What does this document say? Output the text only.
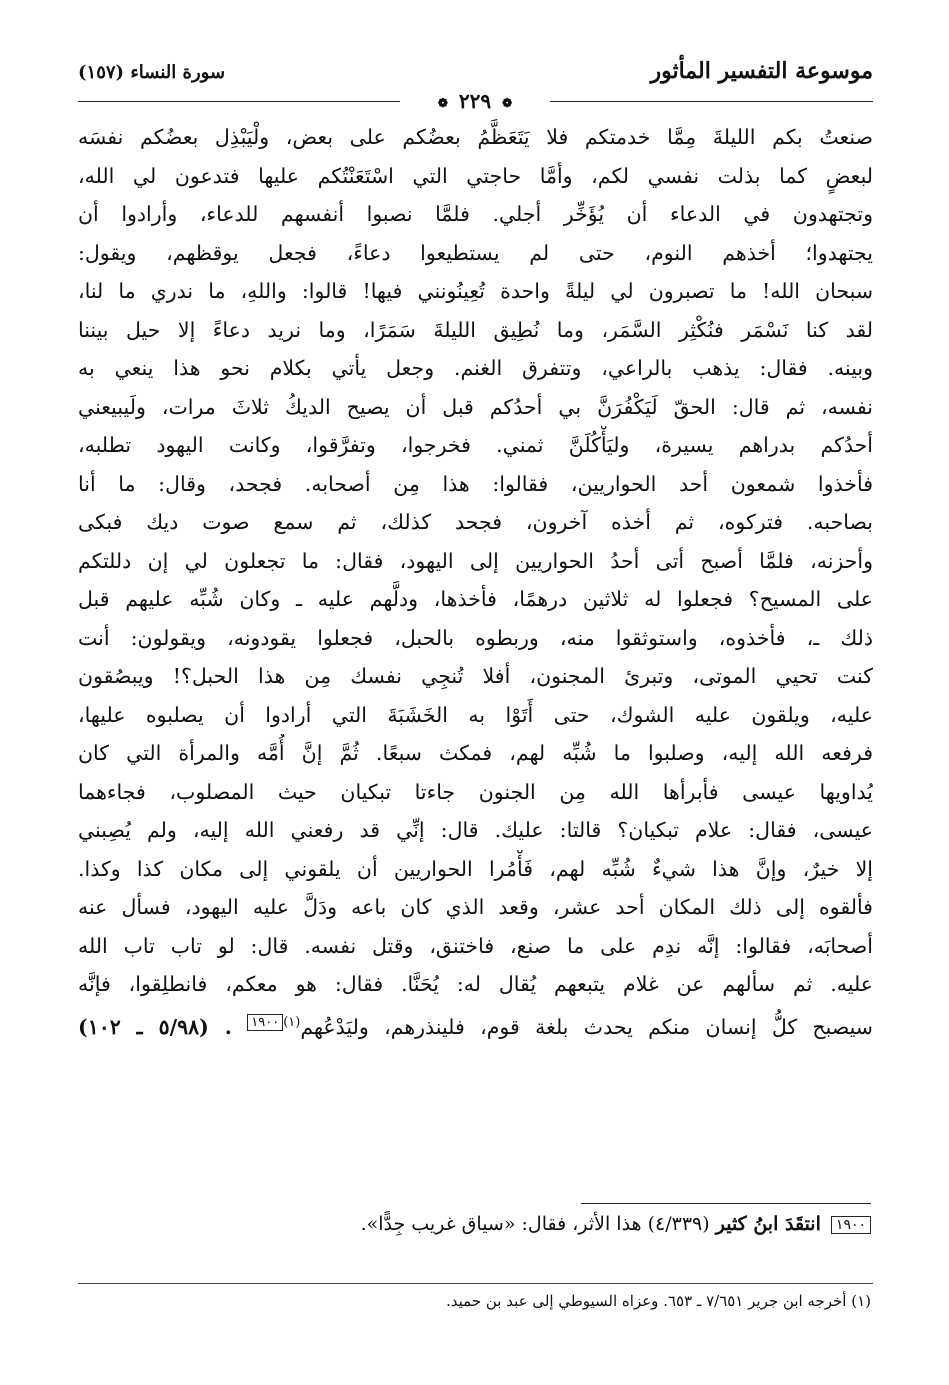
موسوعة التفسير المأثور
سورة النساء (١٥٧)
❁ ٢٢٩ ❁
صنعتُ بكم الليلةَ مِمَّا خدمتكم فلا يَتَعَظَّمُ بعضُكم على بعض، ولْيَبْذِل بعضُكم نفسَه
لبعضٍ كما بذلت نفسي لكم، وأمَّا حاجتي التي اسْتَعَنْتُكم عليها فتدعون لي الله،
وتجتهدون في الدعاء أن يُؤَخِّر أجلي. فلمَّا نصبوا أنفسهم للدعاء، وأرادوا أن
يجتهدوا؛ أخذهم النوم، حتى لم يستطيعوا دعاءً، فجعل يوقظهم، ويقول:
سبحان الله! ما تصبرون لي ليلةً واحدة تُعِينُونني فيها! قالوا: واللهِ، ما ندري ما لنا،
لقد كنا نَسْمَر فنُكْثِر السَّمَر، وما نُطِيق الليلةَ سَمَرًا، وما نريد دعاءً إلا حيل بيننا
وبينه. فقال: يذهب بالراعي، وتتفرق الغنم. وجعل يأتي بكلام نحو هذا ينعي به
نفسه، ثم قال: الحقّ لَيَكْفُرَنَّ بي أحدُكم قبل أن يصيح الديكُ ثلاثَ مرات، ولَيبيعني
أحدُكم بدراهم يسيرة، وليَأْكُلَنَّ ثمني. فخرجوا، وتفرَّقوا، وكانت اليهود تطلبه،
فأخذوا شمعون أحد الحواريين، فقالوا: هذا مِن أصحابه. فجحد، وقال: ما أنا
بصاحبه. فتركوه، ثم أخذه آخرون، فجحد كذلك، ثم سمع صوت ديك فبكى
وأحزنه، فلمَّا أصبح أتى أحدُ الحواريين إلى اليهود، فقال: ما تجعلون لي إن دللتكم
على المسيح؟ فجعلوا له ثلاثين درهمًا، فأخذها، ودلَّهم عليه ـ وكان شُبِّه عليهم قبل
ذلك ـ، فأخذوه، واستوثقوا منه، وربطوه بالحبل، فجعلوا يقودونه، ويقولون: أنت
كنت تحيي الموتى، وتبرئ المجنون، أفلا تُنجِي نفسك مِن هذا الحبل؟! ويبصُقون
عليه، ويلقون عليه الشوك، حتى أَتَوْا به الخَشَبَةَ التي أرادوا أن يصلبوه عليها،
فرفعه الله إليه، وصلبوا ما شُبِّه لهم، فمكث سبعًا. ثُمَّ إنَّ أُمَّه والمرأة التي كان
يُداويها عيسى فأبرأها الله مِن الجنون جاءتا تبكيان حيث المصلوب، فجاءهما
عيسى، فقال: علام تبكيان؟ قالتا: عليك. قال: إنِّي قد رفعني الله إليه، ولم يُصِبني
إلا خيرٌ، وإنَّ هذا شيءٌ شُبِّه لهم، فَأْمُرا الحواريين أن يلقوني إلى مكان كذا وكذا.
فألقوه إلى ذلك المكان أحد عشر، وقعد الذي كان باعه ودَلَّ عليه اليهود، فسأل عنه
أصحابَه، فقالوا: إنَّه ندِم على ما صنع، فاختنق، وقتل نفسه. قال: لو تاب تاب الله
عليه. ثم سألهم عن غلام يتبعهم يُقال له: يُحَنَّا. فقال: هو معكم، فانطلِقوا، فإنَّه
سيصبح كلُّ إنسان منكم يحدث بلغة قوم، فلينذرهم، وليَدْعُهم$^{(١)١٩٠٠}$ . (٥/٩٨ ـ ١٠٢)
١٩٠٠ انتقَدَ ابنُ كثير (٤/٣٣٩) هذا الأثر، فقال: «سياق غريب جِدًّا».
(١) أخرجه ابن جرير ٧/٦٥١ ـ ٦٥٣. وعزاه السيوطي إلى عبد بن حميد.
